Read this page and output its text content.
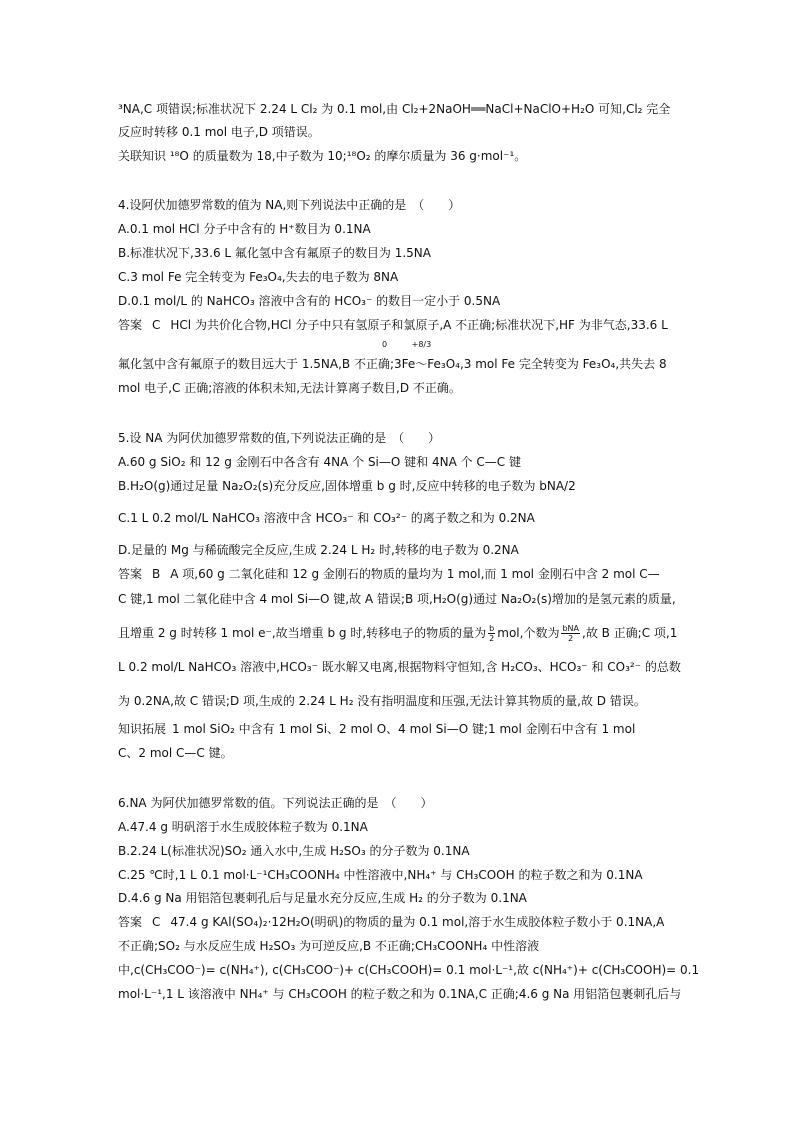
³NA,C 项错误;标准状况下 2.24 L Cl₂ 为 0.1 mol,由 Cl₂+2NaOH══NaCl+NaClO+H₂O 可知,Cl₂ 完全
反应时转移 0.1 mol 电子,D 项错误。
关联知识 ¹⁸O 的质量数为 18,中子数为 10;¹⁸O₂ 的摩尔质量为 36 g·mol⁻¹。
4.设阿伏加德罗常数的值为 NA,则下列说法中正确的是　（　　）
A.0.1 mol HCl 分子中含有的 H⁺数目为 0.1NA
B.标准状况下,33.6 L 氟化氢中含有氟原子的数目为 1.5NA
C.3 mol Fe 完全转变为 Fe₃O₄,失去的电子数为 8NA
D.0.1 mol/L 的 NaHCO₃ 溶液中含有的 HCO₃⁻ 的数目一定小于 0.5NA
答案 C HCl 为共价化合物,HCl 分子中只有氢原子和氯原子,A 不正确;标准状况下,HF 为非气态,33.6 L
0	+8/3
氟化氢中含有氟原子的数目远大于 1.5NA,B 不正确;3Fe～Fe₃O₄,3 mol Fe 完全转变为 Fe₃O₄,共失去 8
mol 电子,C 正确;溶液的体积未知,无法计算离子数目,D 不正确。
5.设 NA 为阿伏加德罗常数的值,下列说法正确的是　（　　）
A.60 g SiO₂ 和 12 g 金刚石中各含有 4NA 个 Si—O 键和 4NA 个 C—C 键
B.H₂O(g)通过足量 Na₂O₂(s)充分反应,固体增重 b g 时,反应中转移的电子数为 bNA/2
C.1 L 0.2 mol/L NaHCO₃ 溶液中含 HCO₃⁻ 和 CO₃²⁻ 的离子数之和为 0.2NA
D.足量的 Mg 与稀硫酸完全反应,生成 2.24 L H₂ 时,转移的电子数为 0.2NA
答案 B A 项,60 g 二氧化硅和 12 g 金刚石的物质的量均为 1 mol,而 1 mol 金刚石中含 2 mol C—
C 键,1 mol 二氧化硅中含 4 mol Si—O 键,故 A 错误;B 项,H₂O(g)通过 Na₂O₂(s)增加的是氢元素的质量,
且增重 2 g 时转移 1 mol e⁻,故当增重 b g 时,转移电子的物质的量为 $\frac{b}{2}$ mol,个数为 $\frac{\text{bNA}}{2}$ ,故 B 正确;C 项,1
L 0.2 mol/L NaHCO₃ 溶液中,HCO₃⁻ 既水解又电离,根据物料守恒知,含 H₂CO₃、HCO₃⁻ 和 CO₃²⁻ 的总数
为 0.2NA,故 C 错误;D 项,生成的 2.24 L H₂ 没有指明温度和压强,无法计算其物质的量,故 D 错误。
知识拓展 1 mol SiO₂ 中含有 1 mol Si、2 mol O、4 mol Si—O 键;1 mol 金刚石中含有 1 mol
C、2 mol C—C 键。
6.NA 为阿伏加德罗常数的值。下列说法正确的是　（　　）
A.47.4 g 明矾溶于水生成胶体粒子数为 0.1NA
B.2.24 L(标准状况)SO₂ 通入水中,生成 H₂SO₃ 的分子数为 0.1NA
C.25 ℃时,1 L 0.1 mol·L⁻¹CH₃COONH₄ 中性溶液中,NH₄⁺ 与 CH₃COOH 的粒子数之和为 0.1NA
D.4.6 g Na 用铝箔包裹刺孔后与足量水充分反应,生成 H₂ 的分子数为 0.1NA
答案 C 47.4 g KAl(SO₄)₂·12H₂O(明矾)的物质的量为 0.1 mol,溶于水生成胶体粒子数小于 0.1NA,A
不正确;SO₂ 与水反应生成 H₂SO₃ 为可逆反应,B 不正确;CH₃COONH₄ 中性溶液
中,c(CH₃COO⁻)= c(NH₄⁺), c(CH₃COO⁻)+ c(CH₃COOH)= 0.1 mol·L⁻¹,故 c(NH₄⁺)+ c(CH₃COOH)= 0.1
mol·L⁻¹,1 L 该溶液中 NH₄⁺ 与 CH₃COOH 的粒子数之和为 0.1NA,C 正确;4.6 g Na 用铝箔包裹刺孔后与
